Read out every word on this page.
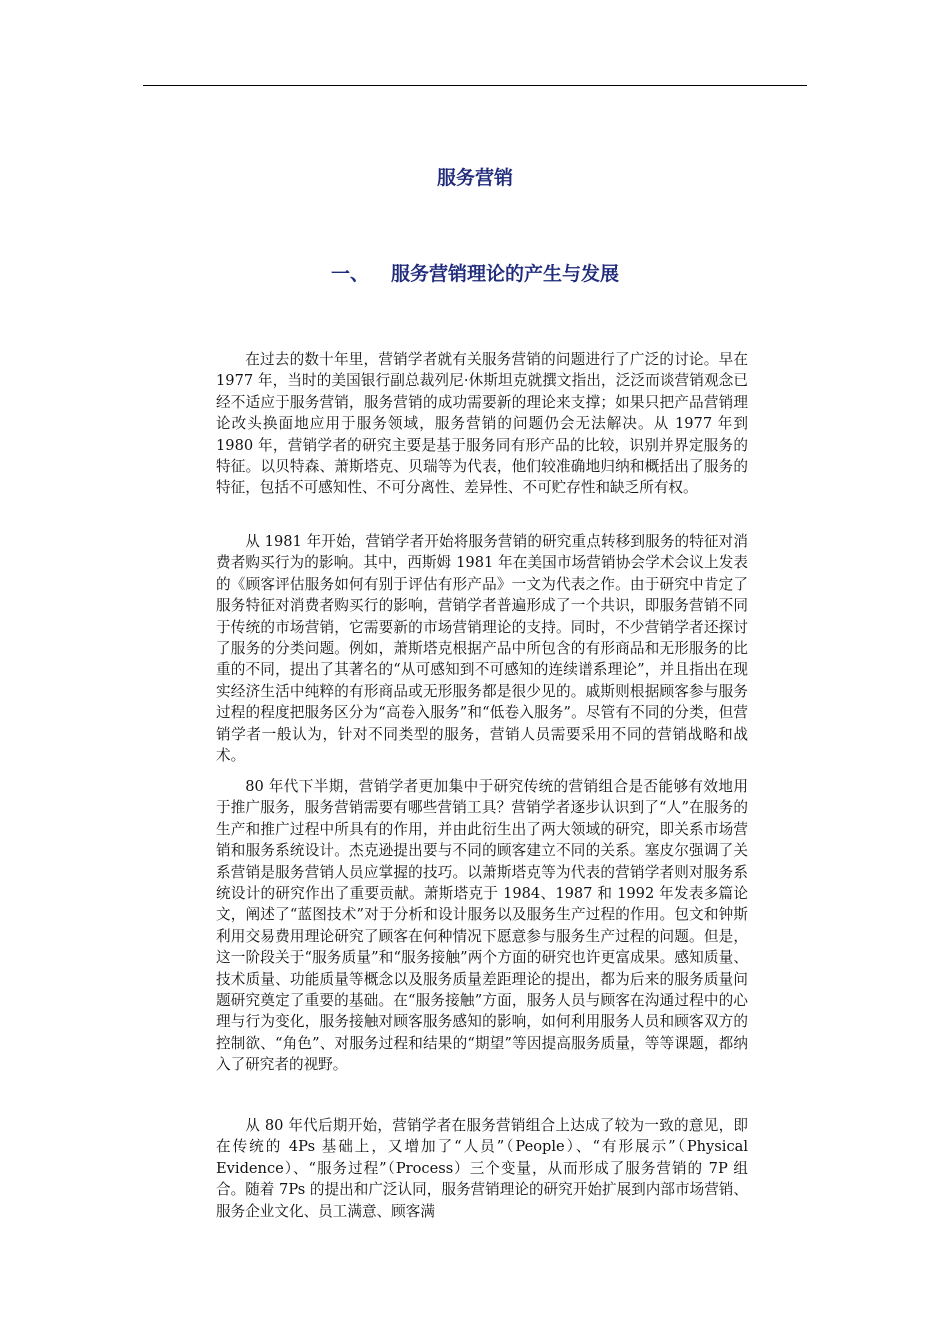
服务营销
一、 服务营销理论的产生与发展

在过去的数十年里，营销学者就有关服务营销的问题进行了广泛的讨论。早在 1977 年，当时的美国银行副总裁列尼·休斯坦克就撰文指出，泛泛而谈营销观念已经不适应于服务营销，服务营销的成功需要新的理论来支撑；如果只把产品营销理论改头换面地应用于服务领域，服务营销的问题仍会无法解决。从 1977 年到 1980 年，营销学者的研究主要是基于服务同有形产品的比较，识别并界定服务的特征。以贝特森、萧斯塔克、贝瑞等为代表，他们较准确地归纳和概括出了服务的特征，包括不可感知性、不可分离性、差异性、不可贮存性和缺乏所有权。

从 1981 年开始，营销学者开始将服务营销的研究重点转移到服务的特征对消费者购买行为的影响。其中，西斯姆 1981 年在美国市场营销协会学术会议上发表的《顾客评估服务如何有别于评估有形产品》一文为代表之作。由于研究中肯定了服务特征对消费者购买行的影响，营销学者普遍形成了一个共识，即服务营销不同于传统的市场营销，它需要新的市场营销理论的支持。同时，不少营销学者还探讨了服务的分类问题。例如，萧斯塔克根据产品中所包含的有形商品和无形服务的比重的不同，提出了其著名的“从可感知到不可感知的连续谱系理论”，并且指出在现实经济生活中纯粹的有形商品或无形服务都是很少见的。戚斯则根据顾客参与服务过程的程度把服务区分为“高卷入服务”和“低卷入服务”。尽管有不同的分类，但营销学者一般认为，针对不同类型的服务，营销人员需要采用不同的营销战略和战术。

80 年代下半期，营销学者更加集中于研究传统的营销组合是否能够有效地用于推广服务，服务营销需要有哪些营销工具？营销学者逐步认识到了“人”在服务的生产和推广过程中所具有的作用，并由此衍生出了两大领域的研究，即关系市场营销和服务系统设计。杰克逊提出要与不同的顾客建立不同的关系。塞皮尔强调了关系营销是服务营销人员应掌握的技巧。以萧斯塔克等为代表的营销学者则对服务系统设计的研究作出了重要贡献。萧斯塔克于 1984、1987 和 1992 年发表多篇论文，阐述了“蓝图技术”对于分析和设计服务以及服务生产过程的作用。包文和钟斯利用交易费用理论研究了顾客在何种情况下愿意参与服务生产过程的问题。但是，这一阶段关于“服务质量”和“服务接触”两个方面的研究也许更富成果。感知质量、技术质量、功能质量等概念以及服务质量差距理论的提出，都为后来的服务质量问题研究奠定了重要的基础。在“服务接触”方面，服务人员与顾客在沟通过程中的心理与行为变化，服务接触对顾客服务感知的影响，如何利用服务人员和顾客双方的控制欲、“角色”、对服务过程和结果的“期望”等因提高服务质量，等等课题，都纳入了研究者的视野。

从 80 年代后期开始，营销学者在服务营销组合上达成了较为一致的意见，即在传统的 4Ps 基础上，又增加了“人员”（People）、“有形展示”（Physical Evidence）、“服务过程”（Process）三个变量，从而形成了服务营销的 7P 组合。随着 7Ps 的提出和广泛认同，服务营销理论的研究开始扩展到内部市场营销、服务企业文化、员工满意、顾客满
